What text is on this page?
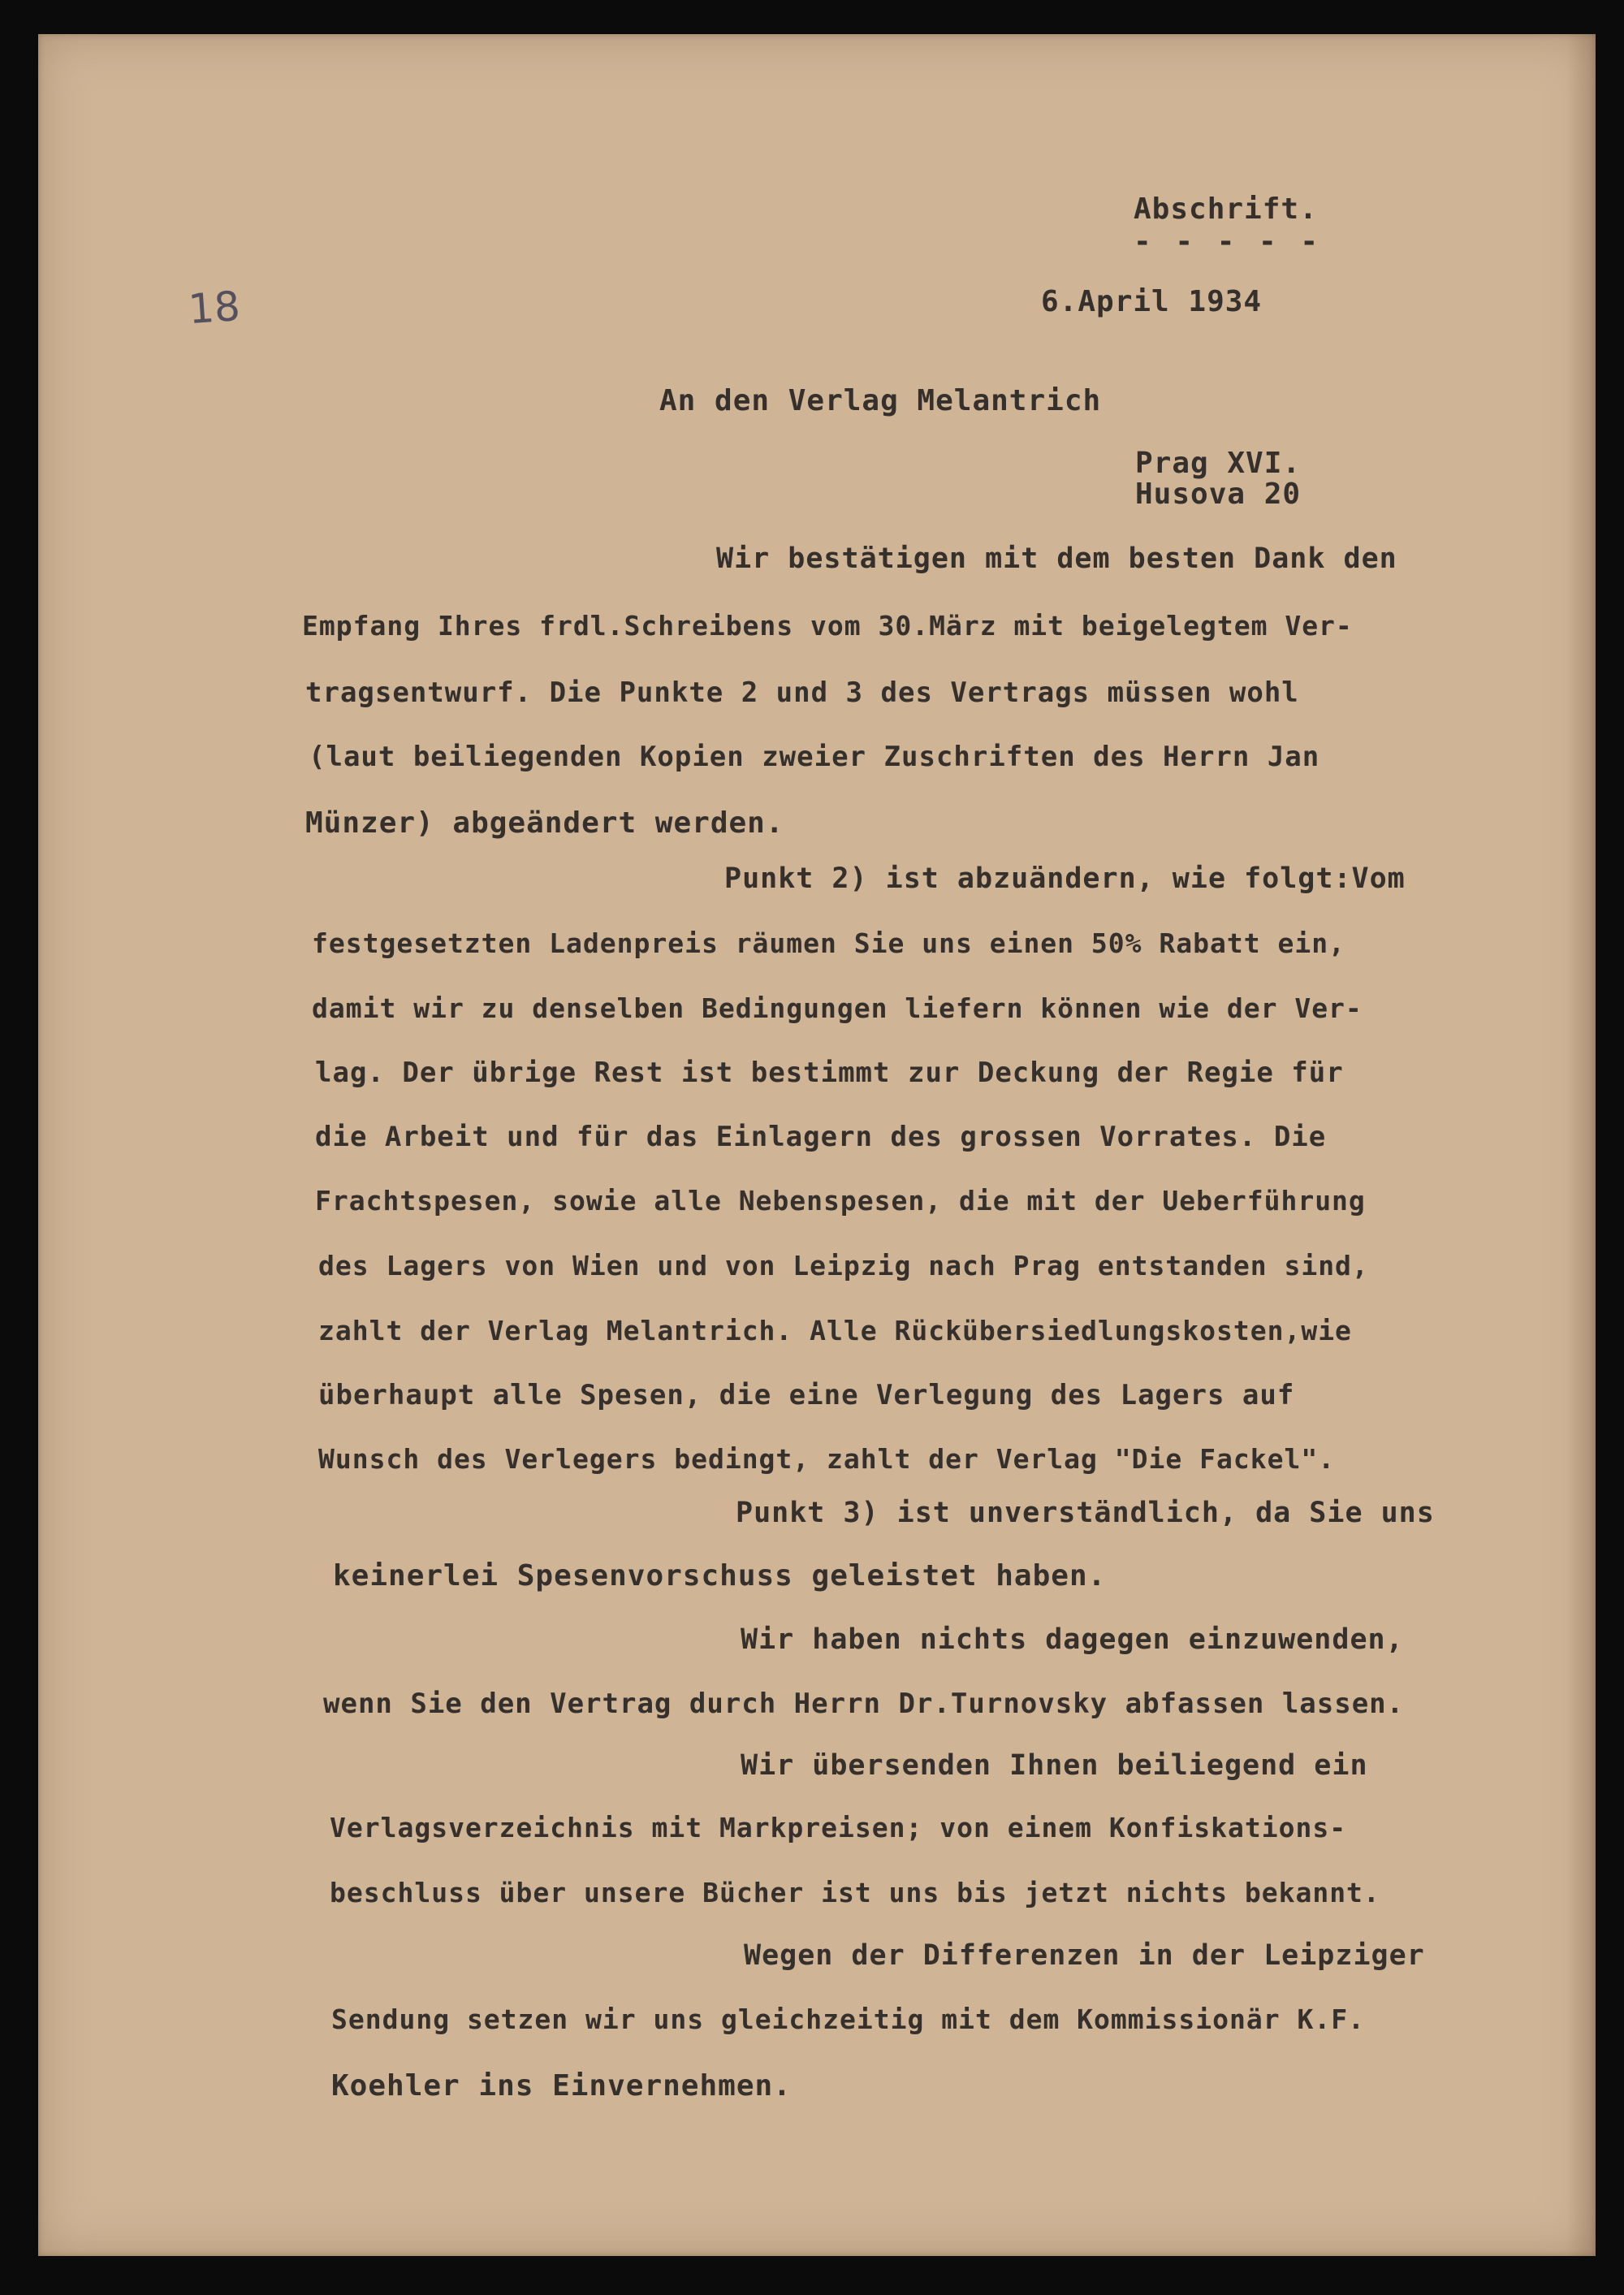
18
Abschrift.
- - - - -
6.April 1934
An den Verlag Melantrich
Prag XVI.
Husova 20
Wir bestätigen mit dem besten Dank den
Empfang Ihres frdl.Schreibens vom 30.März mit beigelegtem Ver-
tragsentwurf. Die Punkte 2 und 3 des Vertrags müssen wohl
(laut beiliegenden Kopien zweier Zuschriften des Herrn Jan
Münzer) abgeändert werden.
Punkt 2) ist abzuändern, wie folgt:Vom
festgesetzten Ladenpreis räumen Sie uns einen 50% Rabatt ein,
damit wir zu denselben Bedingungen liefern können wie der Ver-
lag. Der übrige Rest ist bestimmt zur Deckung der Regie für
die Arbeit und für das Einlagern des grossen Vorrates. Die
Frachtspesen, sowie alle Nebenspesen, die mit der Ueberführung
des Lagers von Wien und von Leipzig nach Prag entstanden sind,
zahlt der Verlag Melantrich. Alle Rückübersiedlungskosten,wie
überhaupt alle Spesen, die eine Verlegung des Lagers auf
Wunsch des Verlegers bedingt, zahlt der Verlag "Die Fackel".
Punkt 3) ist unverständlich, da Sie uns
keinerlei Spesenvorschuss geleistet haben.
Wir haben nichts dagegen einzuwenden,
wenn Sie den Vertrag durch Herrn Dr.Turnovsky abfassen lassen.
Wir übersenden Ihnen beiliegend ein
Verlagsverzeichnis mit Markpreisen; von einem Konfiskations-
beschluss über unsere Bücher ist uns bis jetzt nichts bekannt.
Wegen der Differenzen in der Leipziger
Sendung setzen wir uns gleichzeitig mit dem Kommissionär K.F.
Koehler ins Einvernehmen.
